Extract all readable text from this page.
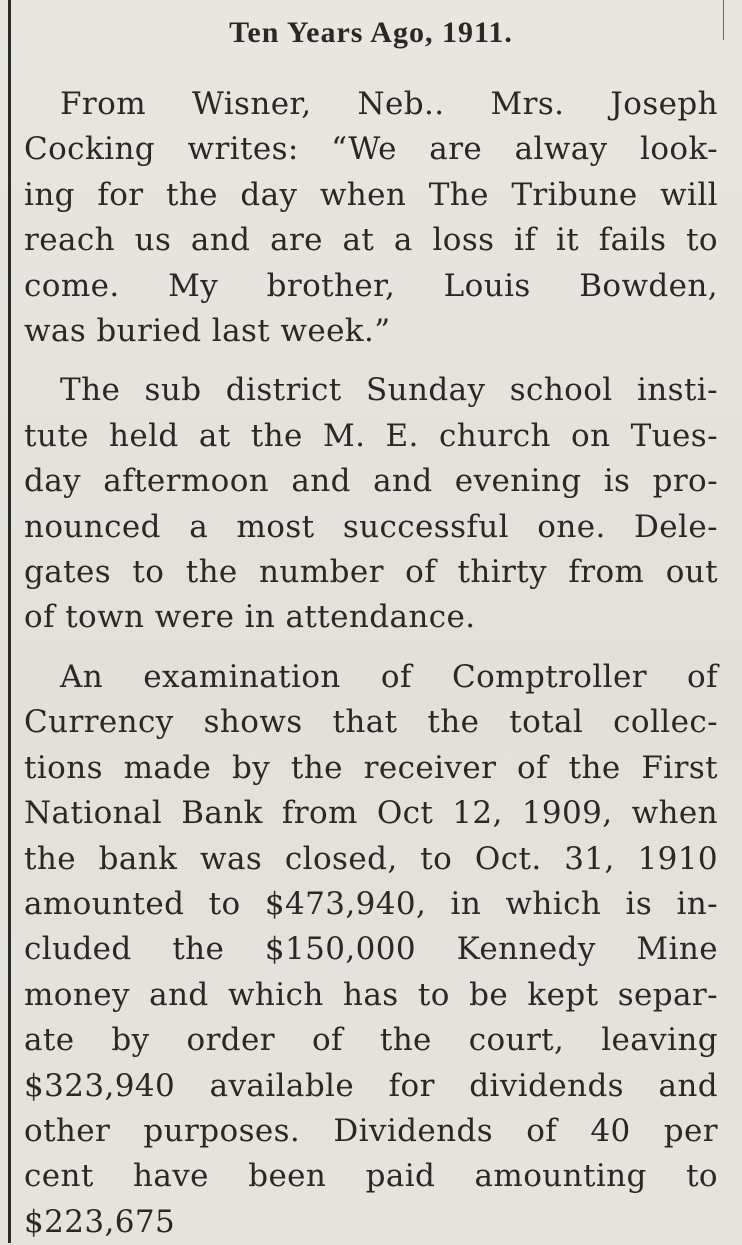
Ten Years Ago, 1911.

From Wisner, Neb.. Mrs. Joseph
Cocking writes: “We are alway look-
ing for the day when The Tribune will
reach us and are at a loss if it fails to
come. My brother, Louis Bowden,
was buried last week.”

The sub district Sunday school insti-
tute held at the M. E. church on Tues-
day aftermoon and and evening is pro-
nounced a most successful one. Dele-
gates to the number of thirty from out
of town were in attendance.

An examination of Comptroller of
Currency shows that the total collec-
tions made by the receiver of the First
National Bank from Oct 12, 1909, when
the bank was closed, to Oct. 31, 1910
amounted to $473,940, in which is in-
cluded the $150,000 Kennedy Mine
money and which has to be kept separ-
ate by order of the court, leaving
$323,940 available for dividends and
other purposes. Dividends of 40 per
cent have been paid amounting to
$223,675
